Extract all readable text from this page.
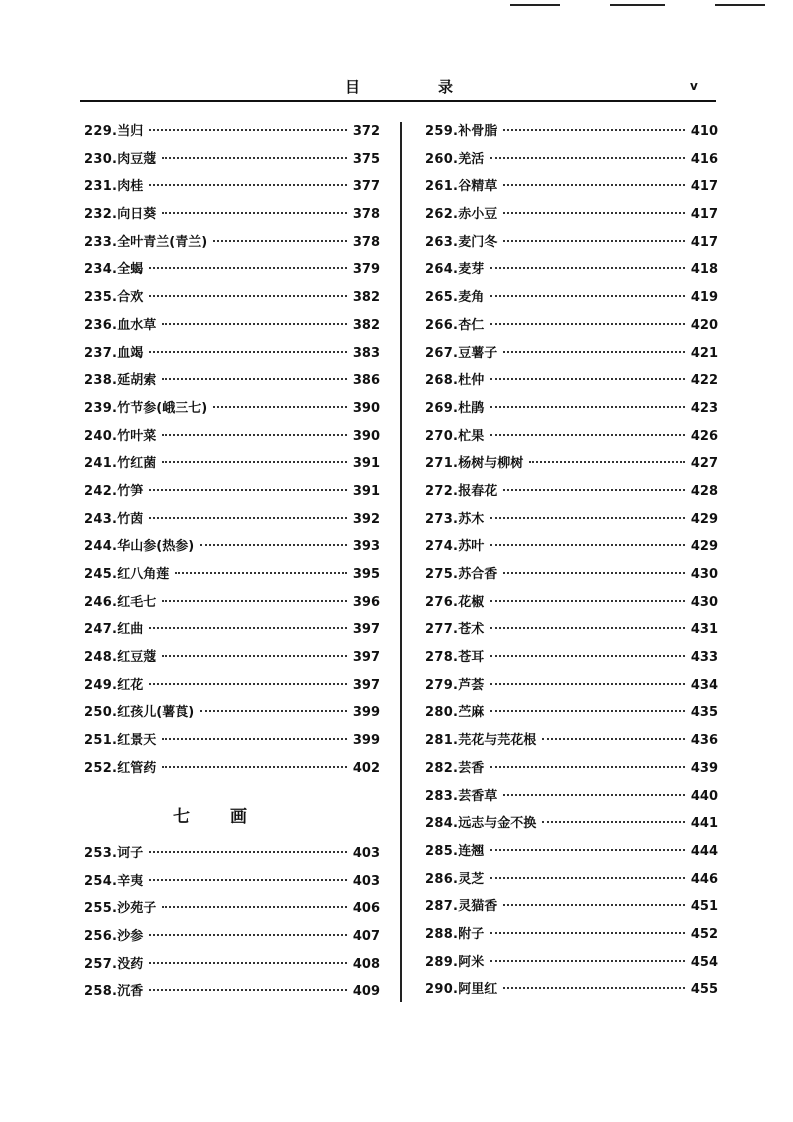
目	录	v
229. 当归	372
230. 肉豆蔻	375
231. 肉桂	377
232. 向日葵	378
233. 全叶青兰(青兰)	378
234. 全蝎	379
235. 合欢	382
236. 血水草	382
237. 血竭	383
238. 延胡索	386
239. 竹节参(峨三七)	390
240. 竹叶菜	390
241. 竹红菌	391
242. 竹笋	391
243. 竹茵	392
244. 华山参(热参)	393
245. 红八角莲	395
246. 红毛七	396
247. 红曲	397
248. 红豆蔻	397
249. 红花	397
250. 红孩儿(薯莨)	399
251. 红景天	399
252. 红管药	402
七画
253. 诃子	403
254. 辛夷	403
255. 沙苑子	406
256. 沙参	407
257. 没药	408
258. 沉香	409
259. 补骨脂	410
260. 羌活	416
261. 谷精草	417
262. 赤小豆	417
263. 麦门冬	417
264. 麦芽	418
265. 麦角	419
266. 杏仁	420
267. 豆薯子	421
268. 杜仲	422
269. 杜鹃	423
270. 杧果	426
271. 杨树与柳树	427
272. 报春花	428
273. 苏木	429
274. 苏叶	429
275. 苏合香	430
276. 花椒	430
277. 苍术	431
278. 苍耳	433
279. 芦荟	434
280. 苎麻	435
281. 芫花与芫花根	436
282. 芸香	439
283. 芸香草	440
284. 远志与金不换	441
285. 连翘	444
286. 灵芝	446
287. 灵猫香	451
288. 附子	452
289. 阿米	454
290. 阿里红	455
